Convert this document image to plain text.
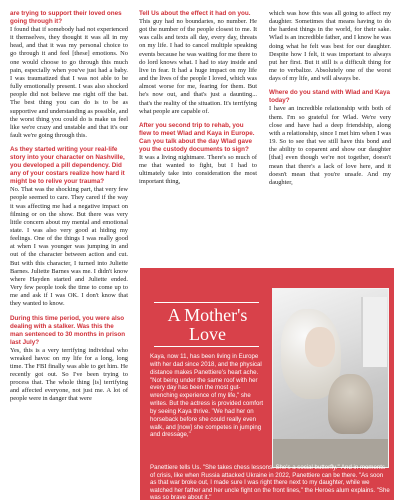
are trying to support their loved ones going through it?

I found that if somebody had not experienced it themselves, they thought it was all in my head, and that it was my personal choice to go through it and feel [these] emotions. No one would choose to go through this much pain, especially when you've just had a baby. I was traumatized that I was not able to be fully emotionally present. I was also shocked people did not believe me right off the bat. The best thing you can do is to be as supportive and understanding as possible, and the worst thing you could do is make us feel like we're crazy and unstable and that it's our fault we're going through this.

As they started writing your real-life story into your character on Nashville, you developed a pill dependency. Did any of your costars realize how hard it might be to relive your trauma?

No. That was the shocking part, that very few people seemed to care. They cared if the way it was affecting me had a negative impact on filming or on the show. But there was very little concern about my mental and emotional state. I was also very good at hiding my feelings. One of the things I was really good at when I was younger was jumping in and out of the character between action and cut. But with this character, I turned into Juliette Barnes. Juliette Barnes was me. I didn't know where Hayden started and Juliette ended. Very few people took the time to come up to me and ask if I was OK. I don't know that they wanted to know.

During this time period, you were also dealing with a stalker. Was this the man sentenced to 30 months in prison last July?

Yes, this is a very terrifying individual who wreaked havoc on my life for a long, long time. The FBI finally was able to get him. He recently got out. So I've been trying to process that. The whole thing [is] terrifying and affected everyone, not just me. A lot of people were in danger that were

Tell Us about the effect it had on you.

This guy had no boundaries, no number. He got the number of the people closest to me. It was calls and texts all day, every day, threats on my life. I had to cancel multiple speaking events because he was waiting for me there to do lord knows what. I had to stay inside and live in fear. It had a huge impact on my life and the lives of the people I loved, which was almost worse for me, fearing for them. But he's now out, and that's just a daunting... that's the reality of the situation. It's terrifying what people are capable of.

After you second trip to rehab, you flew to meet Wlad and Kaya in Europe. Can you talk about the day Wlad gave you the custody documents to sign?

It was a living nightmare. There's so much of me that wanted to fight, but I had to ultimately take into consideration the most important thing,

which was how this was all going to affect my daughter. Sometimes that means having to do the hardest things in the world, for their sake. Wlad is an incredible father, and I know he was doing what he felt was best for our daughter. Despite how I felt, it was important to always put her first. But it still is a difficult thing for me to verbalize. Absolutely one of the worst days of my life, and will always be.

Where do you stand with Wlad and Kaya today?

I have an incredible relationship with both of them. I'm so grateful for Wlad. We're very close and have had a deep friendship, along with a relationship, since I met him when I was 19. So to see that we still have this bond and the ability to coparent and show our daughter [that] even though we're not together, doesn't mean that there's a lack of love here, and it doesn't mean that you're unsafe. And my daughter,

A Mother's
Love
Kaya, now 11, has been living in Europe with her dad since 2018, and the physical distance makes Panettiere's heart ache. "Not being under the same roof with her every day has been the most gut-wrenching experience of my life," she writes. But the actress is provided comfort by seeing Kaya thrive. "We had her on horseback before she could really even walk, and [now] she competes in jumping and dressage,"
Panettiere tells Us. "She takes chess lessons. She's a social butterfly." And in moments of crisis, like when Russia attacked Ukraine in 2022, Panettiere can be there. "As soon as that war broke out, I made sure I was right there next to my daughter, while we watched her father and her uncle fight on the front lines," the Heroes alum explains. "She was so brave about it."
